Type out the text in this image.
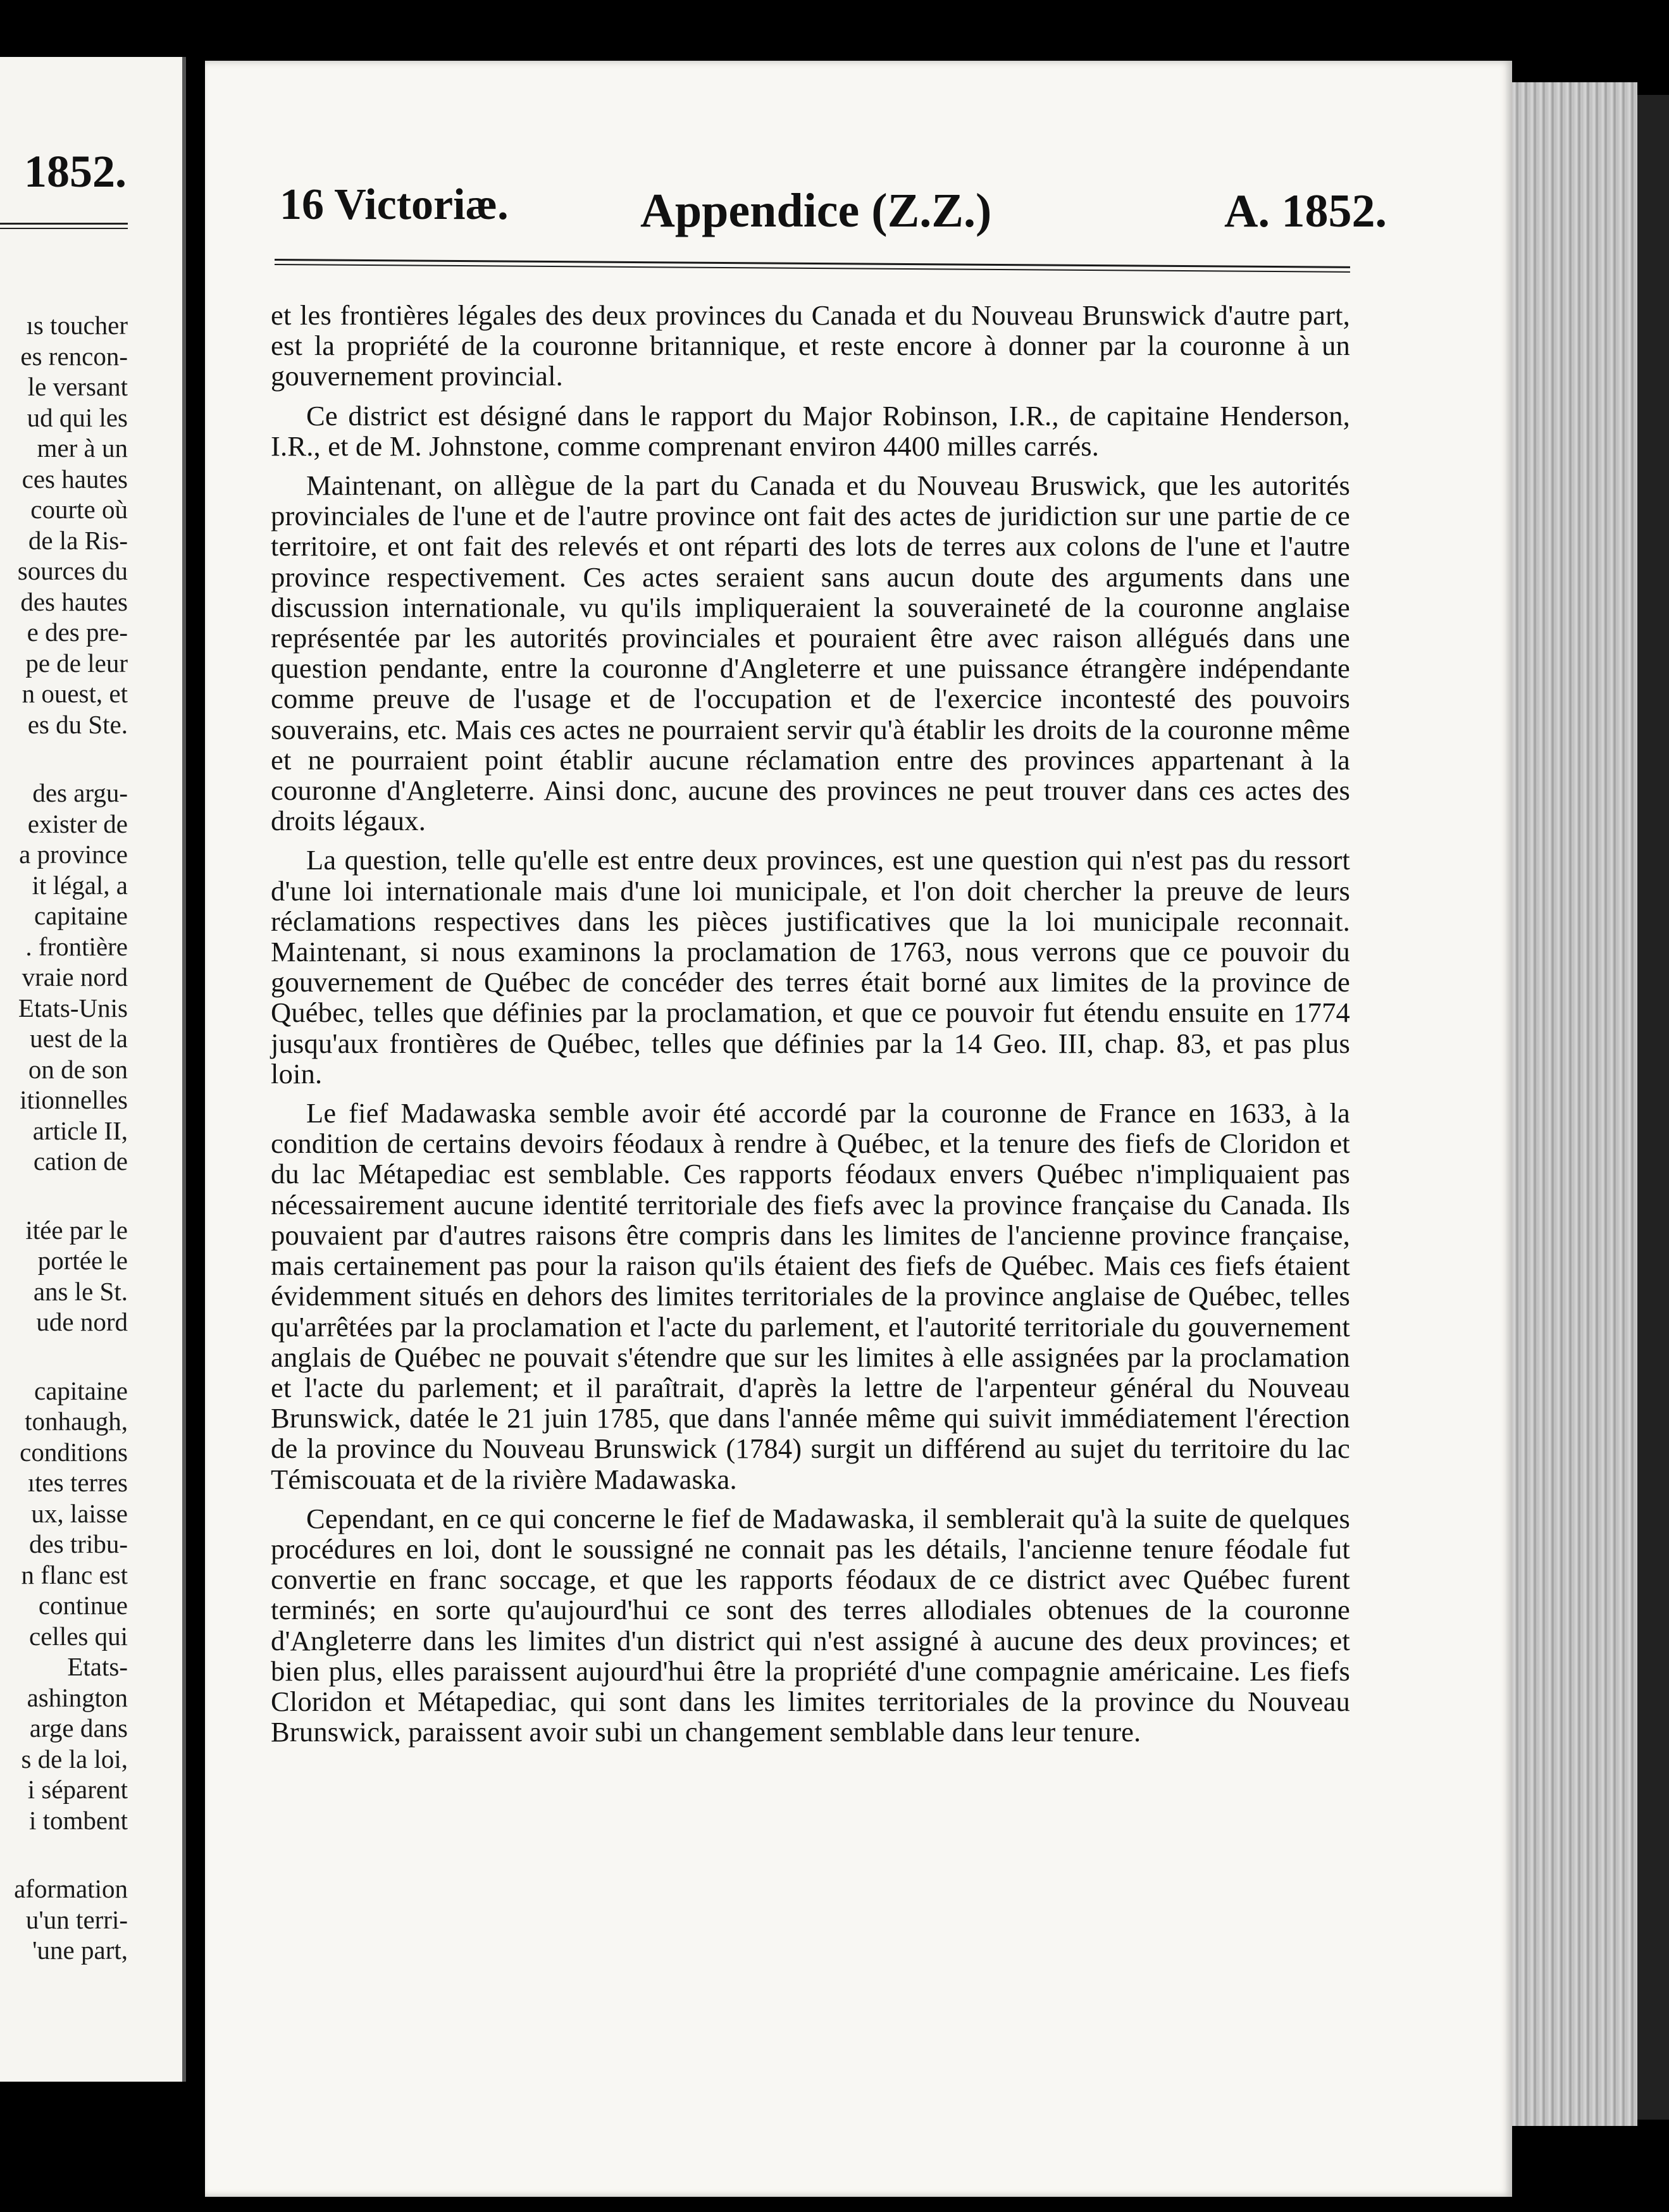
1852.
ıs toucher
es rencon-
le versant
ud qui les
mer à un
ces hautes
courte où
de la Ris-
sources du
des hautes
e des pre-
pe de leur
n ouest, et
es du Ste.
des argu-
exister de
a province
it légal, a
capitaine
. frontière
vraie nord
Etats-Unis
uest de la
on de son
itionnelles
article II,
cation de
itée par le
portée le
ans le St.
ude nord
capitaine
tonhaugh,
conditions
ıtes terres
ux, laisse
des tribu-
n flanc est
continue
celles qui
Etats-
ashington
arge dans
s de la loi,
i séparent
i tombent
aformation
u'un terri-
'une part,
16 Victoriæ.	Appendice (Z.Z.)	A. 1852.

et les frontières légales des deux provinces du Canada et du Nouveau Brunswick d'autre part, est la propriété de la couronne britannique, et reste encore à donner par la couronne à un gouvernement provincial.

Ce district est désigné dans le rapport du Major Robinson, I.R., de capitaine Henderson, I.R., et de M. Johnstone, comme comprenant environ 4400 milles carrés.

Maintenant, on allègue de la part du Canada et du Nouveau Bruswick, que les autorités provinciales de l'une et de l'autre province ont fait des actes de juridiction sur une partie de ce territoire, et ont fait des relevés et ont réparti des lots de terres aux colons de l'une et l'autre province respectivement. Ces actes seraient sans aucun doute des arguments dans une discussion internationale, vu qu'ils impliqueraient la souveraineté de la couronne anglaise représentée par les autorités provinciales et pouraient être avec raison allégués dans une question pendante, entre la couronne d'Angleterre et une puissance étrangère indépendante comme preuve de l'usage et de l'occupation et de l'exercice incontesté des pouvoirs souverains, etc. Mais ces actes ne pourraient servir qu'à établir les droits de la couronne même et ne pourraient point établir aucune réclamation entre des provinces appartenant à la couronne d'Angleterre. Ainsi donc, aucune des provinces ne peut trouver dans ces actes des droits légaux.

La question, telle qu'elle est entre deux provinces, est une question qui n'est pas du ressort d'une loi internationale mais d'une loi municipale, et l'on doit chercher la preuve de leurs réclamations respectives dans les pièces justificatives que la loi municipale reconnait. Maintenant, si nous examinons la proclamation de 1763, nous verrons que ce pouvoir du gouvernement de Québec de concéder des terres était borné aux limites de la province de Québec, telles que définies par la proclamation, et que ce pouvoir fut étendu ensuite en 1774 jusqu'aux frontières de Québec, telles que définies par la 14 Geo. III, chap. 83, et pas plus loin.

Le fief Madawaska semble avoir été accordé par la couronne de France en 1633, à la condition de certains devoirs féodaux à rendre à Québec, et la tenure des fiefs de Cloridon et du lac Métapediac est semblable. Ces rapports féodaux envers Québec n'impliquaient pas nécessairement aucune identité territoriale des fiefs avec la province française du Canada. Ils pouvaient par d'autres raisons être compris dans les limites de l'ancienne province française, mais certainement pas pour la raison qu'ils étaient des fiefs de Québec. Mais ces fiefs étaient évidemment situés en dehors des limites territoriales de la province anglaise de Québec, telles qu'arrêtées par la proclamation et l'acte du parlement, et l'autorité territoriale du gouvernement anglais de Québec ne pouvait s'étendre que sur les limites à elle assignées par la proclamation et l'acte du parlement; et il paraîtrait, d'après la lettre de l'arpenteur général du Nouveau Brunswick, datée le 21 juin 1785, que dans l'année même qui suivit immédiatement l'érection de la province du Nouveau Brunswick (1784) surgit un différend au sujet du territoire du lac Témiscouata et de la rivière Madawaska.

Cependant, en ce qui concerne le fief de Madawaska, il semblerait qu'à la suite de quelques procédures en loi, dont le soussigné ne connait pas les détails, l'ancienne tenure féodale fut convertie en franc soccage, et que les rapports féodaux de ce district avec Québec furent terminés; en sorte qu'aujourd'hui ce sont des terres allodiales obtenues de la couronne d'Angleterre dans les limites d'un district qui n'est assigné à aucune des deux provinces; et bien plus, elles paraissent aujourd'hui être la propriété d'une compagnie américaine. Les fiefs Cloridon et Métapediac, qui sont dans les limites territoriales de la province du Nouveau Brunswick, paraissent avoir subi un changement semblable dans leur tenure.
